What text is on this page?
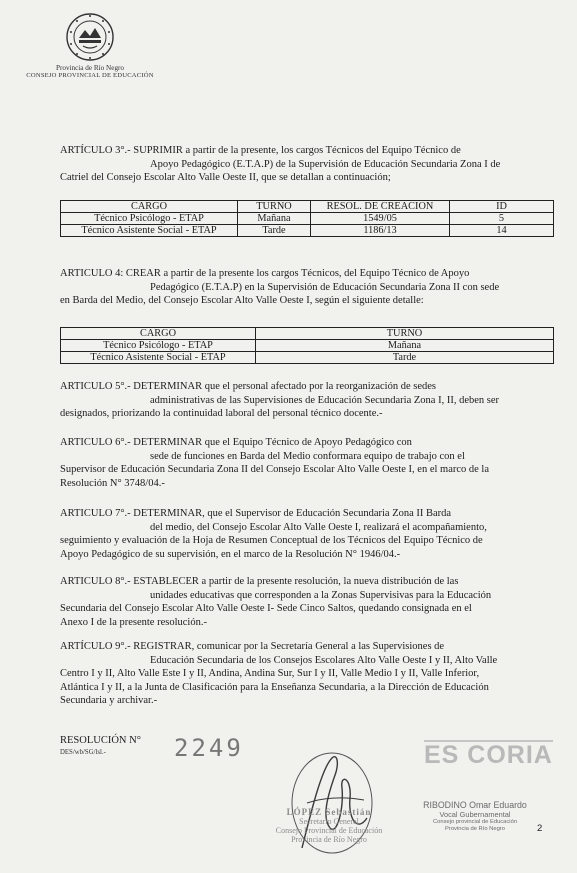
Provincia de Río Negro
CONSEJO PROVINCIAL DE EDUCACIÓN

ARTÍCULO 3°.- SUPRIMIR a partir de la presente, los cargos Técnicos del Equipo Técnico de

Apoyo Pedagógico (E.T.A.P) de la Supervisión de Educación Secundaria Zona I de

Catriel del Consejo Escolar Alto Valle Oeste II, que se detallan a continuación;

CARGO	TURNO	RESOL. DE CREACION	ID
Técnico Psicólogo - ETAP	Mañana	1549/05	5
Técnico Asistente Social - ETAP	Tarde	1186/13	14

ARTICULO 4: CREAR a partir de la presente los cargos Técnicos, del Equipo Técnico de Apoyo

Pedagógico (E.T.A.P) en la Supervisión de Educación Secundaria Zona II con sede

en Barda del Medio, del Consejo Escolar Alto Valle Oeste I, según el siguiente detalle:

CARGO	TURNO
Técnico Psicólogo - ETAP	Mañana
Técnico Asistente Social - ETAP	Tarde

ARTICULO 5°.- DETERMINAR que el personal afectado por la reorganización de sedes

administrativas de las Supervisiones de Educación Secundaria Zona I, II, deben ser

designados, priorizando la continuidad laboral del personal técnico docente.-

ARTICULO 6°.- DETERMINAR que el Equipo Técnico de Apoyo Pedagógico con

sede de funciones en Barda del Medio conformara equipo de trabajo con el

Supervisor de Educación Secundaria Zona II del Consejo Escolar Alto Valle Oeste I, en el marco de la

Resolución N° 3748/04.-

ARTICULO 7°.- DETERMINAR, que el Supervisor de Educación Secundaria Zona II Barda

del medio, del Consejo Escolar Alto Valle Oeste I, realizará el acompañamiento,

seguimiento y evaluación de la Hoja de Resumen Conceptual de los Técnicos del Equipo Técnico de

Apoyo Pedagógico de su supervisión, en el marco de la Resolución N° 1946/04.-

ARTICULO 8°.- ESTABLECER a partir de la presente resolución, la nueva distribución de las

unidades educativas que corresponden a la Zonas Supervisivas para la Educación

Secundaria del Consejo Escolar Alto Valle Oeste I- Sede Cinco Saltos, quedando consignada en el

Anexo I de la presente resolución.-

ARTÍCULO 9°.- REGISTRAR, comunicar por la Secretaría General a las Supervisiones de

Educación Secundaria de los Consejos Escolares Alto Valle Oeste I y II, Alto Valle

Centro I y II, Alto Valle Este I y II, Andina, Andina Sur, Sur I y II, Valle Medio I y II, Valle Inferior,

Atlántica I y II, a la Junta de Clasificación para la Enseñanza Secundaria, a la Dirección de Educación

Secundaria y archivar.-

RESOLUCIÓN N°
DES/wb/SG/lsl.-	2249
LÓPEZ Sebastián
Secretario General
Consejo Provincial de Educación
Provincia de Río Negro
ES CORIA
RIBODINO Omar Eduardo
Vocal Gubernamental
Consejo provincial de Educación
Provincia de Río Negro	2
